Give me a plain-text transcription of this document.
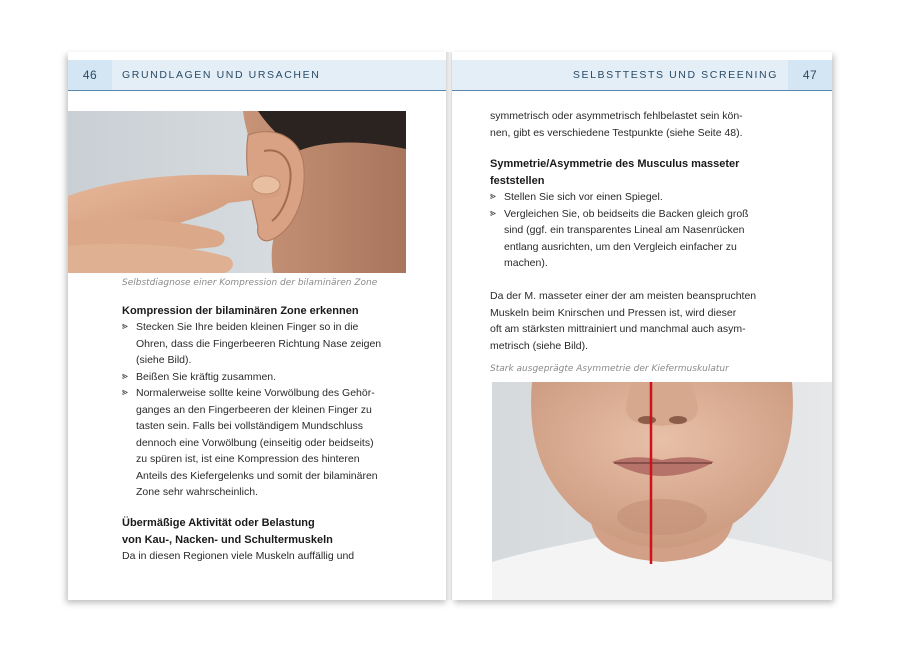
46	GRUNDLAGEN UND URSACHEN
Selbstdiagnose einer Kompression der bilaminären Zone
Kompression der bilaminären Zone erkennen
⪢ Stecken Sie Ihre beiden kleinen Finger so in die

Ohren, dass die Fingerbeeren Richtung Nase zeigen

(siehe Bild).

⪢ Beißen Sie kräftig zusammen.

⪢ Normalerweise sollte keine Vorwölbung des Gehör-

ganges an den Fingerbeeren der kleinen Finger zu

tasten sein. Falls bei vollständigem Mundschluss

dennoch eine Vorwölbung (einseitig oder beidseits)

zu spüren ist, ist eine Kompression des hinteren

Anteils des Kiefergelenks und somit der bilaminären

Zone sehr wahrscheinlich.

Übermäßige Aktivität oder Belastung

von Kau-, Nacken- und Schultermuskeln

Da in diesen Regionen viele Muskeln auffällig und
SELBSTTESTS UND SCREENING	47

symmetrisch oder asymmetrisch fehlbelastet sein kön-

nen, gibt es verschiedene Testpunkte (siehe Seite 48).

Symmetrie/Asymmetrie des Musculus masseter

feststellen

⪢ Stellen Sie sich vor einen Spiegel.

⪢ Vergleichen Sie, ob beidseits die Backen gleich groß

sind (ggf. ein transparentes Lineal am Nasenrücken

entlang ausrichten, um den Vergleich einfacher zu

machen).

Da der M. masseter einer der am meisten beanspruchten

Muskeln beim Knirschen und Pressen ist, wird dieser

oft am stärksten mittrainiert und manchmal auch asym-

metrisch (siehe Bild).

Stark ausgeprägte Asymmetrie der Kiefermuskulatur
